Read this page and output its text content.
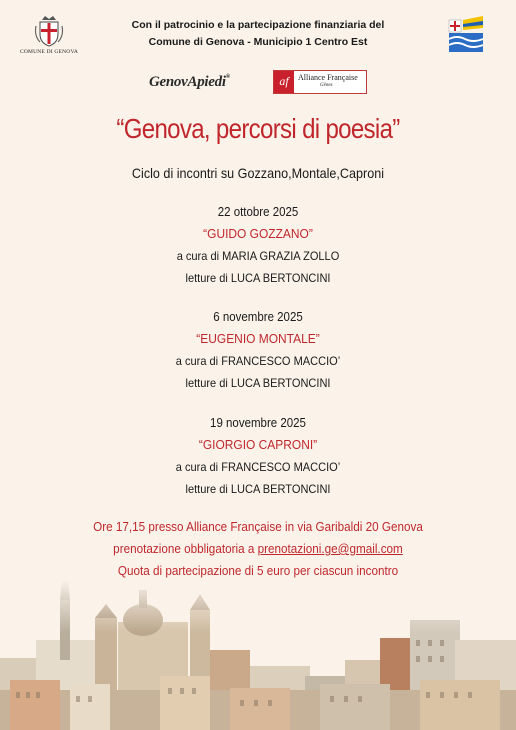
COMUNE DI GENOVA
Con il patrocinio e la partecipazione finanziaria del
Comune di Genova - Municipio 1 Centro Est
GenovApiedi®	af	Alliance Française
Gênes
“Genova, percorsi di poesia”
Ciclo di incontri su Gozzano,Montale,Caproni
22 ottobre 2025
“GUIDO GOZZANO”
a cura di MARIA GRAZIA ZOLLO
letture di LUCA BERTONCINI
6 novembre 2025
“EUGENIO MONTALE”
a cura di FRANCESCO MACCIO’
letture di LUCA BERTONCINI
19 novembre 2025
“GIORGIO CAPRONI”
a cura di FRANCESCO MACCIO’
letture di LUCA BERTONCINI
Ore 17,15 presso Alliance Française in via Garibaldi 20 Genova
prenotazione obbligatoria a prenotazioni.ge@gmail.com
Quota di partecipazione di 5 euro per ciascun incontro
